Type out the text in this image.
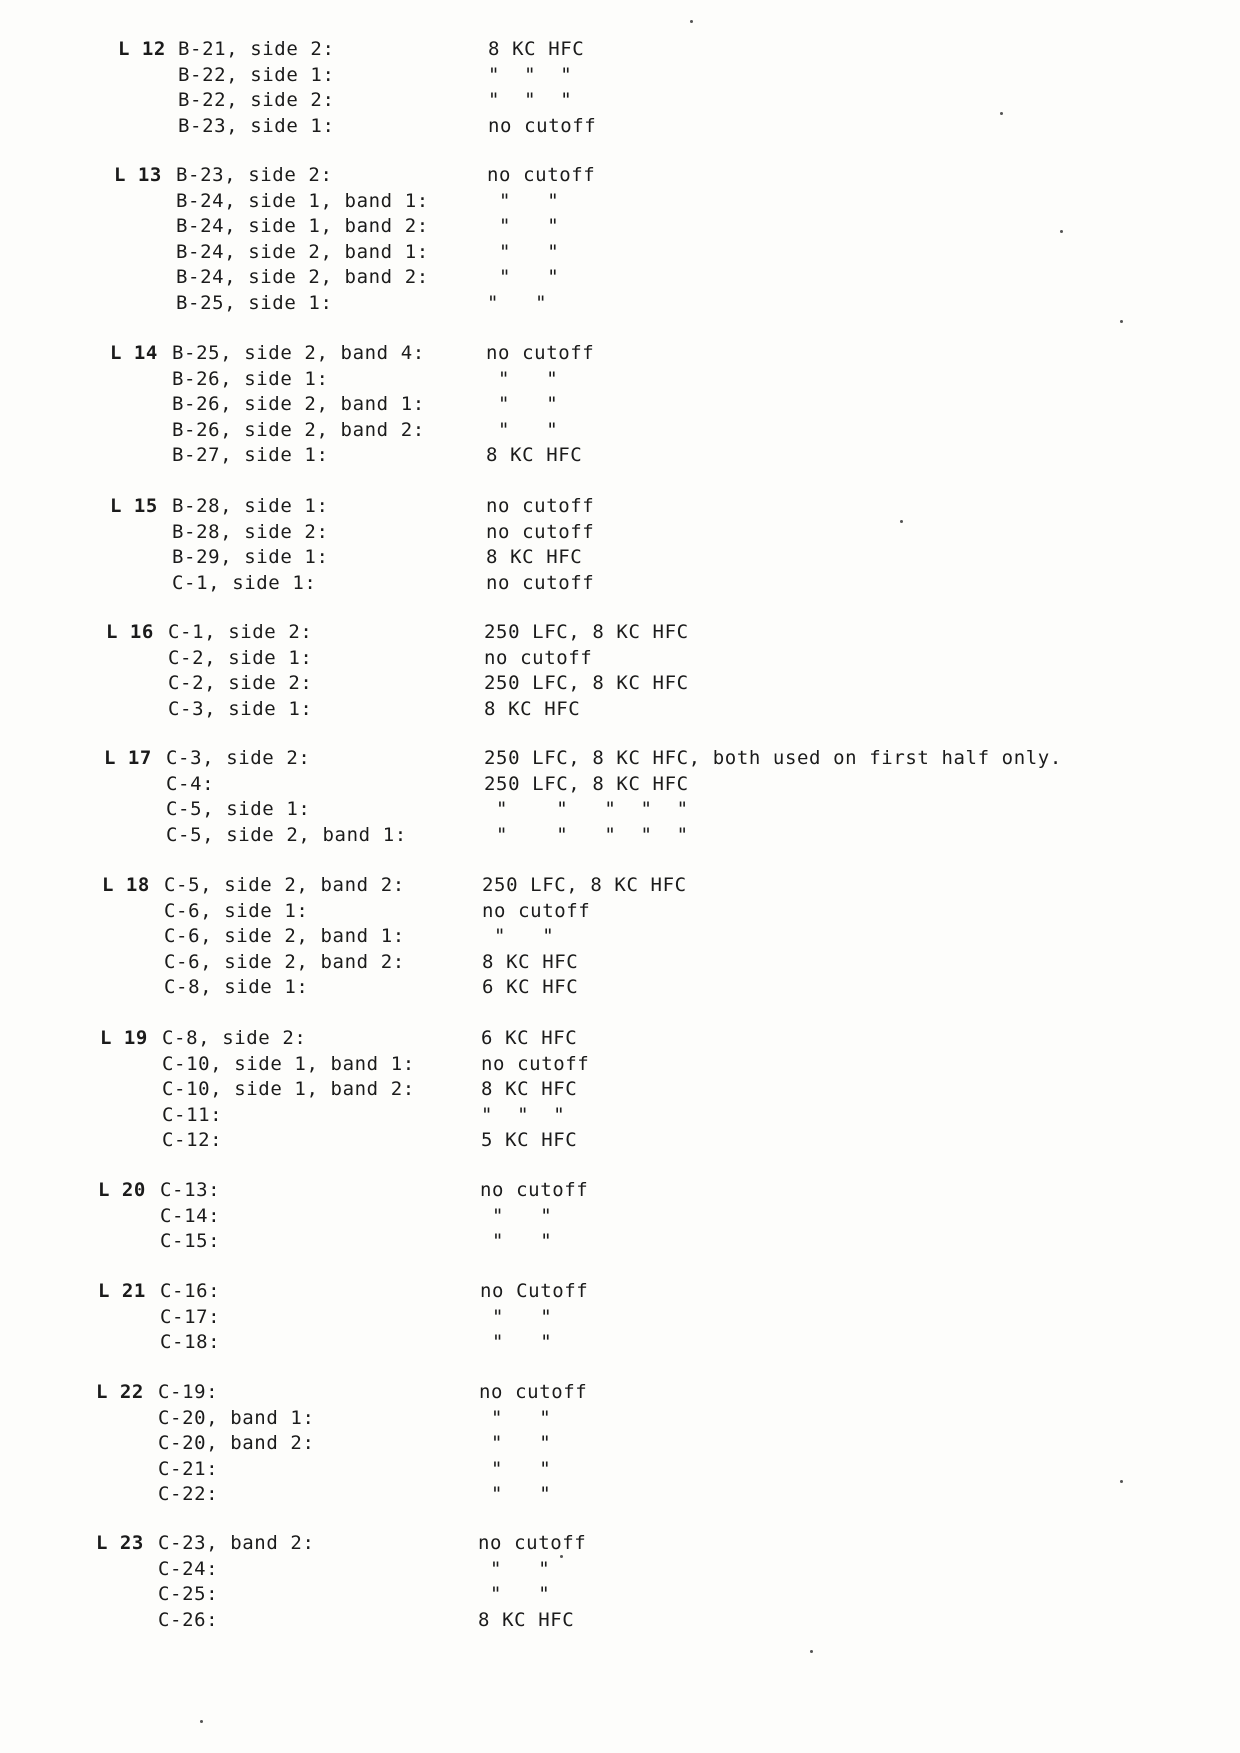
L 12 B-21, side 2:	8 KC HFC
B-22, side 1:	"  "  "
B-22, side 2:	"  "  "
B-23, side 1:	no cutoff
L 13 B-23, side 2:	no cutoff
B-24, side 1, band 1:	"   "
B-24, side 1, band 2:	"   "
B-24, side 2, band 1:	"   "
B-24, side 2, band 2:	"   "
B-25, side 1:	"   "
L 14 B-25, side 2, band 4:	no cutoff
B-26, side 1:	"   "
B-26, side 2, band 1:	"   "
B-26, side 2, band 2:	"   "
B-27, side 1:	8 KC HFC
L 15 B-28, side 1:	no cutoff
B-28, side 2:	no cutoff
B-29, side 1:	8 KC HFC
C-1, side 1:	no cutoff
L 16 C-1, side 2:	250 LFC, 8 KC HFC
C-2, side 1:	no cutoff
C-2, side 2:	250 LFC, 8 KC HFC
C-3, side 1:	8 KC HFC
L 17 C-3, side 2:	250 LFC, 8 KC HFC, both used on first half only.
C-4:	250 LFC, 8 KC HFC
C-5, side 1:	"    "   "  "  "
C-5, side 2, band 1:	"    "   "  "  "
L 18 C-5, side 2, band 2:	250 LFC, 8 KC HFC
C-6, side 1:	no cutoff
C-6, side 2, band 1:	"   "
C-6, side 2, band 2:	8 KC HFC
C-8, side 1:	6 KC HFC
L 19 C-8, side 2:	6 KC HFC
C-10, side 1, band 1:	no cutoff
C-10, side 1, band 2:	8 KC HFC
C-11:	"  "  "
C-12:	5 KC HFC
L 20 C-13:	no cutoff
C-14:	"   "
C-15:	"   "
L 21 C-16:	no Cutoff
C-17:	"   "
C-18:	"   "
L 22 C-19:	no cutoff
C-20, band 1:	"   "
C-20, band 2:	"   "
C-21:	"   "
C-22:	"   "
L 23 C-23, band 2:	no cutoff
C-24:	"   "
C-25:	"   "
C-26:	8 KC HFC
